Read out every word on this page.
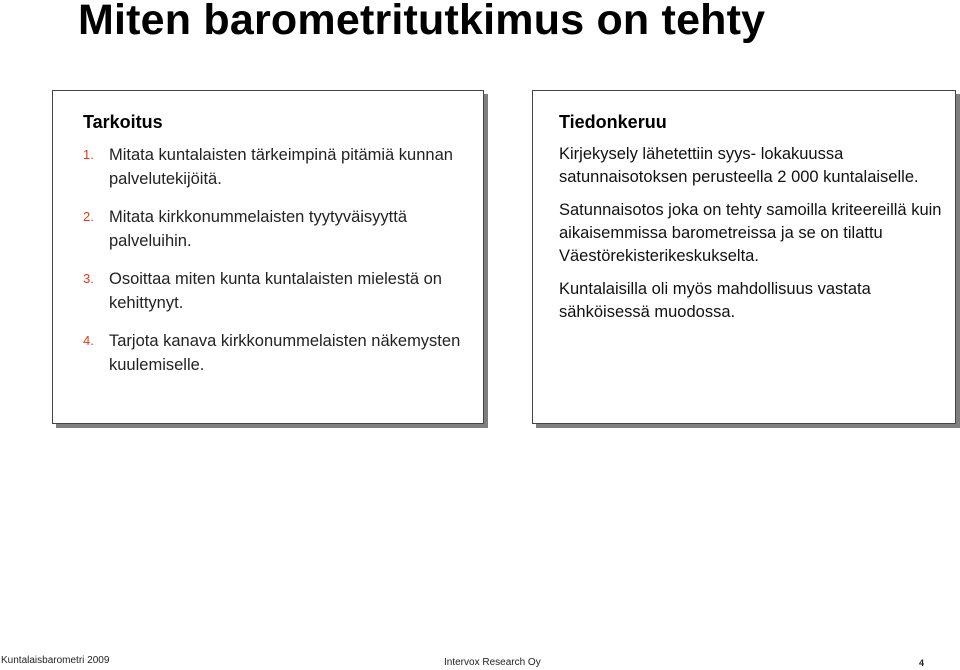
Miten barometritutkimus on tehty
Tarkoitus
1. Mitata kuntalaisten tärkeimpinä pitämiä kunnan palvelutekijöitä.
2. Mitata kirkkonummelaisten tyytyväisyyttä palveluihin.
3. Osoittaa miten kunta kuntalaisten mielestä on kehittynyt.
4. Tarjota kanava kirkkonummelaisten näkemysten kuulemiselle.
Tiedonkeruu

Kirjekysely lähetettiin syys- lokakuussa satunnaisotoksen perusteella 2 000 kuntalaiselle.

Satunnaisotos joka on tehty samoilla kriteereillä kuin aikaisemmissa barometreissa ja se on tilattu Väestörekisterikeskukselta.

Kuntalaisilla oli myös mahdollisuus vastata sähköisessä muodossa.

Kuntalaisbarometri 2009	Intervox Research Oy	4
